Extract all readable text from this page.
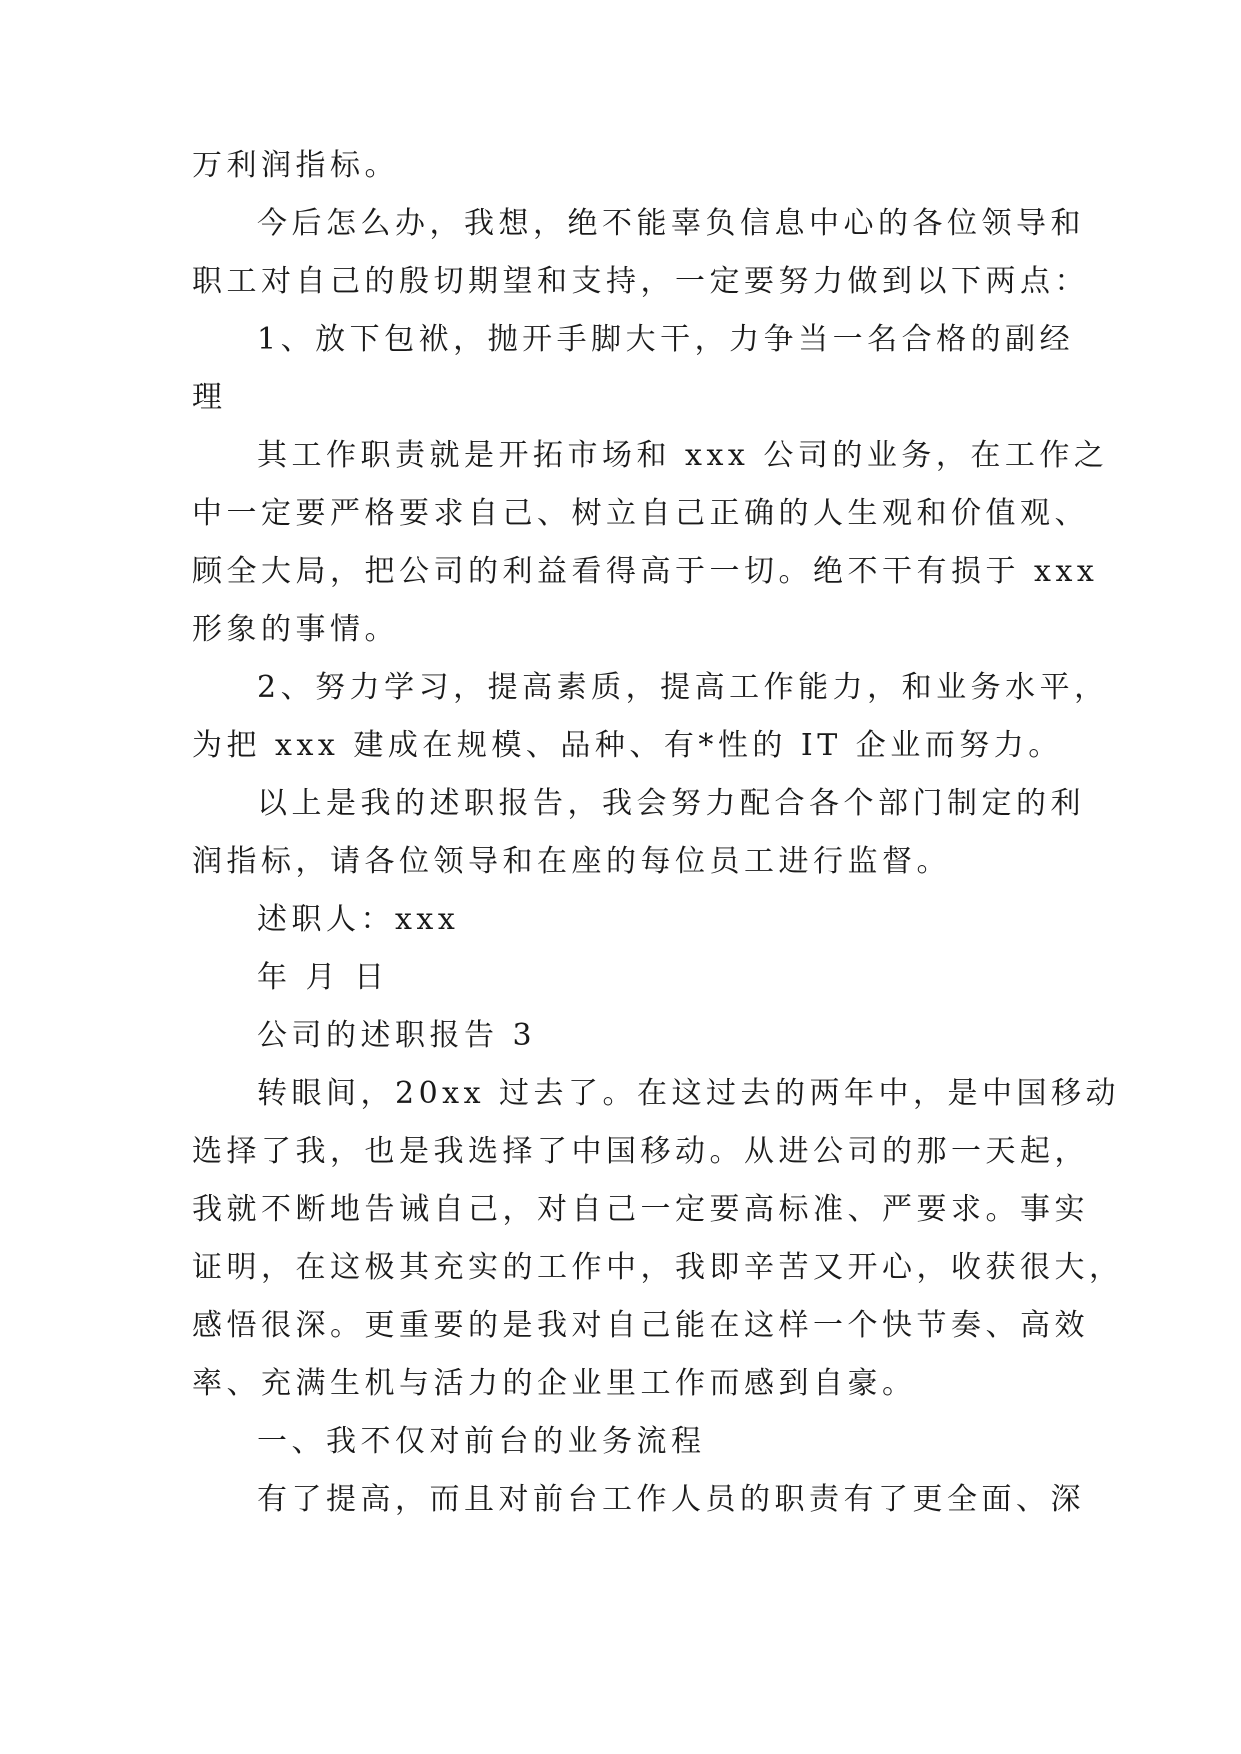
万利润指标。
今后怎么办，我想，绝不能辜负信息中心的各位领导和
职工对自己的殷切期望和支持，一定要努力做到以下两点：
1、放下包袱，抛开手脚大干，力争当一名合格的副经
理
其工作职责就是开拓市场和 xxx 公司的业务，在工作之
中一定要严格要求自己、树立自己正确的人生观和价值观、
顾全大局，把公司的利益看得高于一切。绝不干有损于 xxx
形象的事情。
2、努力学习，提高素质，提高工作能力，和业务水平，
为把 xxx 建成在规模、品种、有*性的 IT 企业而努力。
以上是我的述职报告，我会努力配合各个部门制定的利
润指标，请各位领导和在座的每位员工进行监督。
述职人：xxx
年 月 日
公司的述职报告 3
转眼间，20xx 过去了。在这过去的两年中，是中国移动
选择了我，也是我选择了中国移动。从进公司的那一天起，
我就不断地告诫自己，对自己一定要高标准、严要求。事实
证明，在这极其充实的工作中，我即辛苦又开心，收获很大，
感悟很深。更重要的是我对自己能在这样一个快节奏、高效
率、充满生机与活力的企业里工作而感到自豪。
一、我不仅对前台的业务流程
有了提高，而且对前台工作人员的职责有了更全面、深
